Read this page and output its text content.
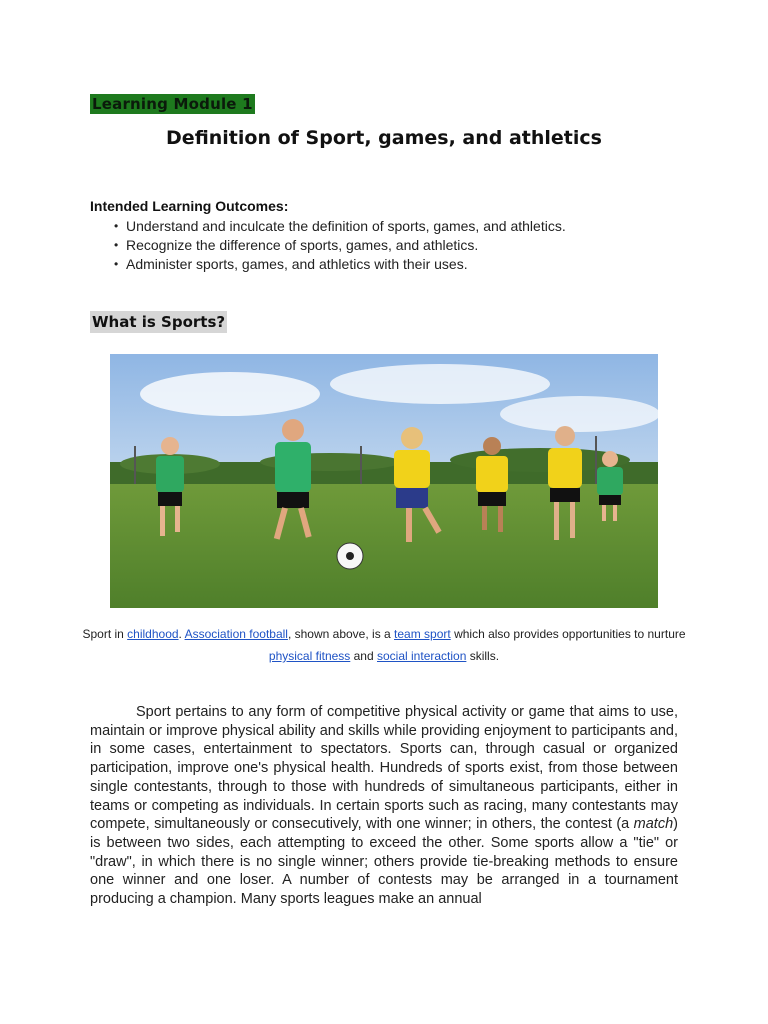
Learning Module 1
Definition of Sport, games, and athletics
Intended Learning Outcomes:
• Understand and inculcate the definition of sports, games, and athletics.
• Recognize the difference of sports, games, and athletics.
• Administer sports, games, and athletics with their uses.
What is Sports?
Sport in childhood. Association football, shown above, is a team sport which also provides opportunities to nurture physical fitness and social interaction skills.

Sport pertains to any form of competitive physical activity or game that aims to use, maintain or improve physical ability and skills while providing enjoyment to participants and, in some cases, entertainment to spectators. Sports can, through casual or organized participation, improve one's physical health. Hundreds of sports exist, from those between single contestants, through to those with hundreds of simultaneous participants, either in teams or competing as individuals. In certain sports such as racing, many contestants may compete, simultaneously or consecutively, with one winner; in others, the contest (a match) is between two sides, each attempting to exceed the other. Some sports allow a "tie" or "draw", in which there is no single winner; others provide tie-breaking methods to ensure one winner and one loser. A number of contests may be arranged in a tournament producing a champion. Many sports leagues make an annual
